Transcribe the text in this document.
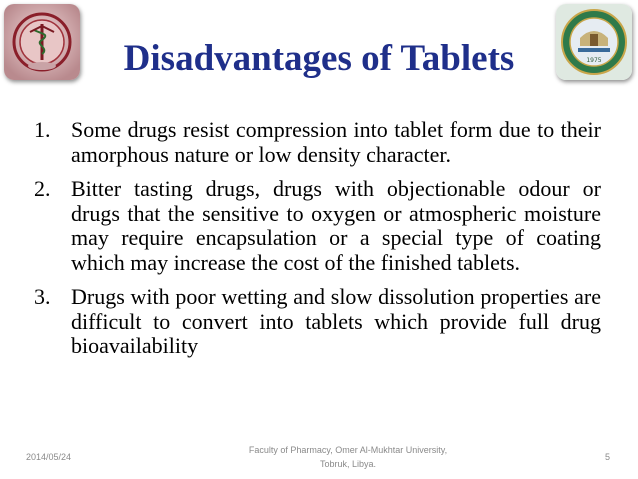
1975
Disadvantages of Tablets
1. Some drugs resist compression into tablet form due to their amorphous nature or low density character.
2. Bitter tasting drugs, drugs with objectionable odour or drugs that the sensitive to oxygen or atmospheric moisture may require encapsulation or a special type of coating which may increase the cost of the finished tablets.
3. Drugs with poor wetting and slow dissolution properties are difficult to convert into tablets which provide full drug bioavailability
2014/05/24
Faculty of Pharmacy, Omer Al-Mukhtar University,
Tobruk, Libya.
5
